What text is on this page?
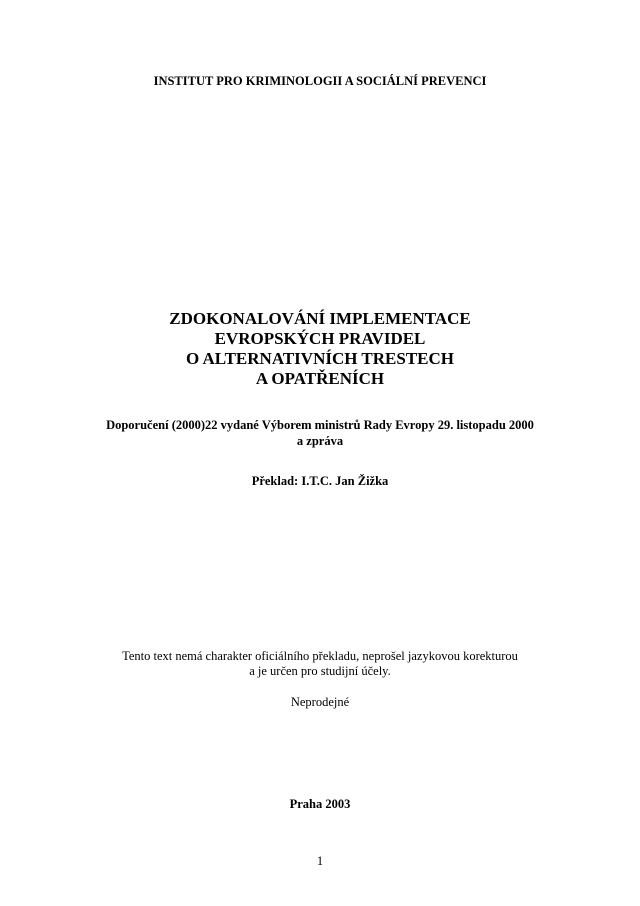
INSTITUT PRO KRIMINOLOGII A SOCIÁLNÍ PREVENCI

ZDOKONALOVÁNÍ IMPLEMENTACE
EVROPSKÝCH PRAVIDEL
O ALTERNATIVNÍCH TRESTECH
A OPATŘENÍCH

Doporučení (2000)22 vydané Výborem ministrů Rady Evropy 29. listopadu 2000
a zpráva

Překlad: I.T.C. Jan Žižka

Tento text nemá charakter oficiálního překladu, neprošel jazykovou korekturou
a je určen pro studijní účely.

Neprodejné

Praha 2003

1
